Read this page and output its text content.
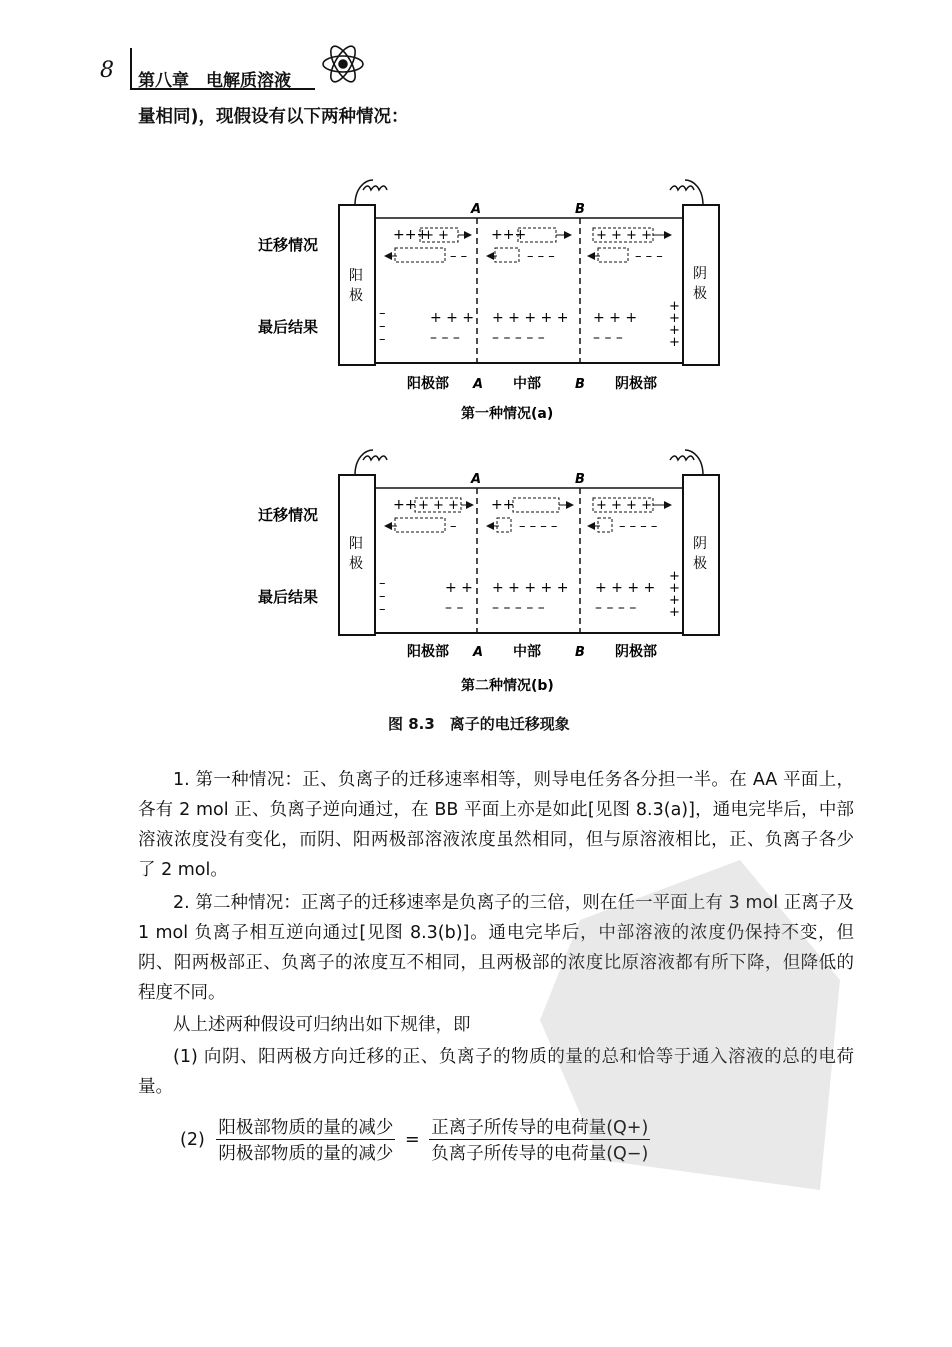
8 第八章　电解质溶液
量相同)，现假设有以下两种情况：
+++
+ +
– –
+++
– – –
+ + + +
– – –
–
–
–
+ + +
– – –
+ + + + +
– – – – –
+ + +
– – –
+
+
+
+
A	B
迁移情况
最后结果
阳
极
阴
极
阳极部 A 中部	B 阴极部
第一种情况(a)
++ + + +
–
++
– – – –
+ + + +
– – – –
–
–
–
+ +
– –
+ + + + +
– – – – –
+ + + +
– – – –
+
+
+
+
A	B
迁移情况
最后结果
阳
极
阴
极
阳极部 A 中部	B 阴极部
第二种情况(b)
图 8.3　离子的电迁移现象
1. 第一种情况：正、负离子的迁移速率相等，则导电任务各分担一半。在 AA 平面上，各有 2 mol 正、负离子逆向通过，在 BB 平面上亦是如此[见图 8.3(a)]，通电完毕后，中部溶液浓度没有变化，而阴、阳两极部溶液浓度虽然相同，但与原溶液相比，正、负离子各少了 2 mol。
2. 第二种情况：正离子的迁移速率是负离子的三倍，则在任一平面上有 3 mol 正离子及 1 mol 负离子相互逆向通过[见图 8.3(b)]。通电完毕后，中部溶液的浓度仍保持不变，但阴、阳两极部正、负离子的浓度互不相同，且两极部的浓度比原溶液都有所下降，但降低的程度不同。
从上述两种假设可归纳出如下规律，即
(1) 向阴、阳两极方向迁移的正、负离子的物质的量的总和恰等于通入溶液的总的电荷量。
$(2) \frac{\text{阳极部物质的量的减少}}{\text{阴极部物质的量的减少}} = \frac{\text{正离子所传导的电荷量(Q+)}}{\text{负离子所传导的电荷量(Q−)}}$
